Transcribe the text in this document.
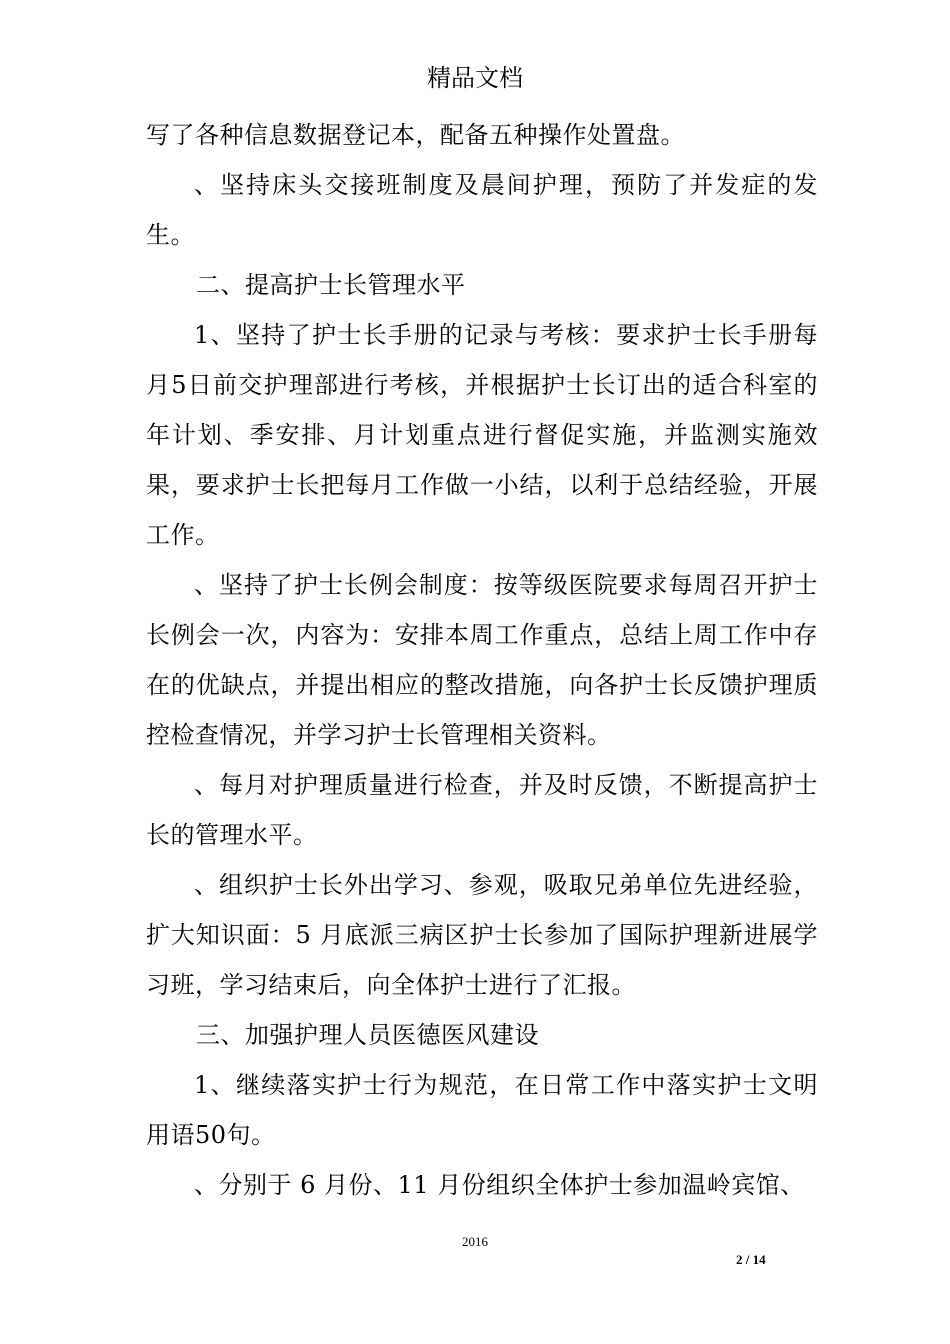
精品文档

写了各种信息数据登记本，配备五种操作处置盘。

、坚持床头交接班制度及晨间护理，预防了并发症的发生。

二、提高护士长管理水平

1、坚持了护士长手册的记录与考核：要求护士长手册每月5日前交护理部进行考核，并根据护士长订出的适合科室的年计划、季安排、月计划重点进行督促实施，并监测实施效果，要求护士长把每月工作做一小结，以利于总结经验，开展工作。

、坚持了护士长例会制度：按等级医院要求每周召开护士长例会一次，内容为：安排本周工作重点，总结上周工作中存在的优缺点，并提出相应的整改措施，向各护士长反馈护理质控检查情况，并学习护士长管理相关资料。

、每月对护理质量进行检查，并及时反馈，不断提高护士长的管理水平。

、组织护士长外出学习、参观，吸取兄弟单位先进经验，扩大知识面：5 月底派三病区护士长参加了国际护理新进展学习班，学习结束后，向全体护士进行了汇报。

三、加强护理人员医德医风建设

1、继续落实护士行为规范，在日常工作中落实护士文明用语50句。

、分别于 6 月份、11 月份组织全体护士参加温岭宾馆、

2016
2 / 14
